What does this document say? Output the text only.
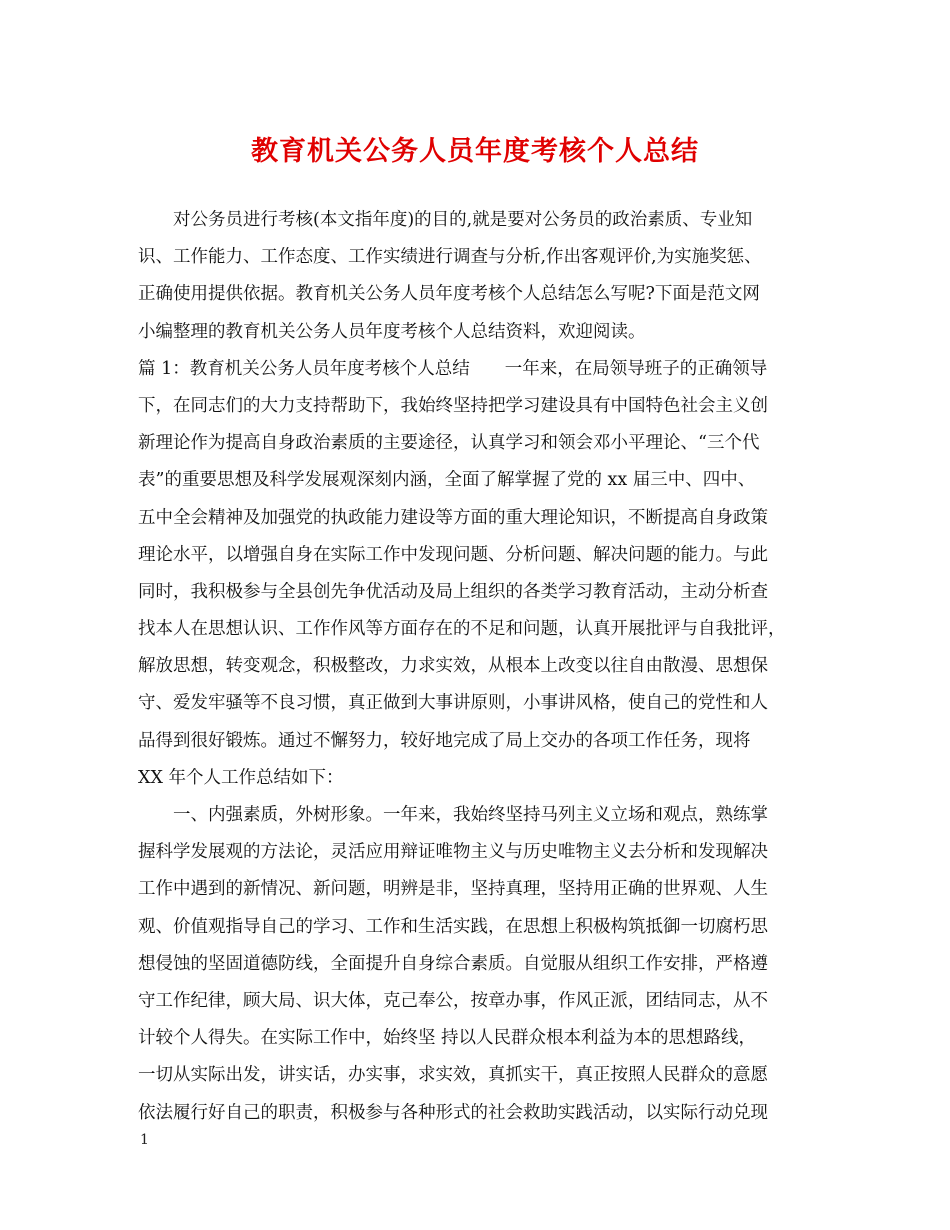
教育机关公务人员年度考核个人总结
对公务员进行考核(本文指年度)的目的,就是要对公务员的政治素质、专业知
识、工作能力、工作态度、工作实绩进行调查与分析,作出客观评价,为实施奖惩、
正确使用提供依据。教育机关公务人员年度考核个人总结怎么写呢?下面是范文网
小编整理的教育机关公务人员年度考核个人总结资料，欢迎阅读。
篇 1：教育机关公务人员年度考核个人总结　　一年来，在局领导班子的正确领导
下，在同志们的大力支持帮助下，我始终坚持把学习建设具有中国特色社会主义创
新理论作为提高自身政治素质的主要途径，认真学习和领会邓小平理论、“三个代
表”的重要思想及科学发展观深刻内涵，全面了解掌握了党的 xx 届三中、四中、
五中全会精神及加强党的执政能力建设等方面的重大理论知识，不断提高自身政策
理论水平，以增强自身在实际工作中发现问题、分析问题、解决问题的能力。与此
同时，我积极参与全县创先争优活动及局上组织的各类学习教育活动，主动分析查
找本人在思想认识、工作作风等方面存在的不足和问题，认真开展批评与自我批评，
解放思想，转变观念，积极整改，力求实效，从根本上改变以往自由散漫、思想保
守、爱发牢骚等不良习惯，真正做到大事讲原则，小事讲风格，使自己的党性和人
品得到很好锻炼。通过不懈努力，较好地完成了局上交办的各项工作任务，现将
XX 年个人工作总结如下：
一、内强素质，外树形象。一年来，我始终坚持马列主义立场和观点，熟练掌
握科学发展观的方法论，灵活应用辩证唯物主义与历史唯物主义去分析和发现解决
工作中遇到的新情况、新问题，明辨是非，坚持真理，坚持用正确的世界观、人生
观、价值观指导自己的学习、工作和生活实践，在思想上积极构筑抵御一切腐朽思
想侵蚀的坚固道德防线，全面提升自身综合素质。自觉服从组织工作安排，严格遵
守工作纪律，顾大局、识大体，克己奉公，按章办事，作风正派，团结同志，从不
计较个人得失。在实际工作中，始终坚 持以人民群众根本利益为本的思想路线，
一切从实际出发，讲实话，办实事，求实效，真抓实干，真正按照人民群众的意愿
依法履行好自己的职责，积极参与各种形式的社会救助实践活动，以实际行动兑现
1
